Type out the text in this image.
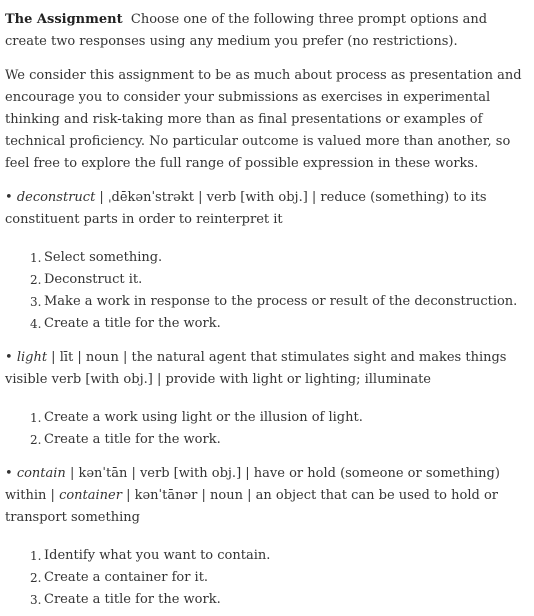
The Assignment Choose one of the following three prompt options and create two responses using any medium you prefer (no restrictions).

We consider this assignment to be as much about process as presentation and encourage you to consider your submissions as exercises in experimental thinking and risk-taking more than as final presentations or examples of technical proficiency. No particular outcome is valued more than another, so feel free to explore the full range of possible expression in these works.

• deconstruct | ˌdēkənˈstrəkt | verb [with obj.] | reduce (something) to its constituent parts in order to reinterpret it

1. Select something.
2. Deconstruct it.
3. Make a work in response to the process or result of the deconstruction.
4. Create a title for the work.

• light | līt | noun | the natural agent that stimulates sight and makes things visible verb [with obj.] | provide with light or lighting; illuminate

1. Create a work using light or the illusion of light.
2. Create a title for the work.

• contain | kənˈtān | verb [with obj.] | have or hold (someone or something) within | container | kənˈtānər | noun | an object that can be used to hold or transport something

1. Identify what you want to contain.
2. Create a container for it.
3. Create a title for the work.
